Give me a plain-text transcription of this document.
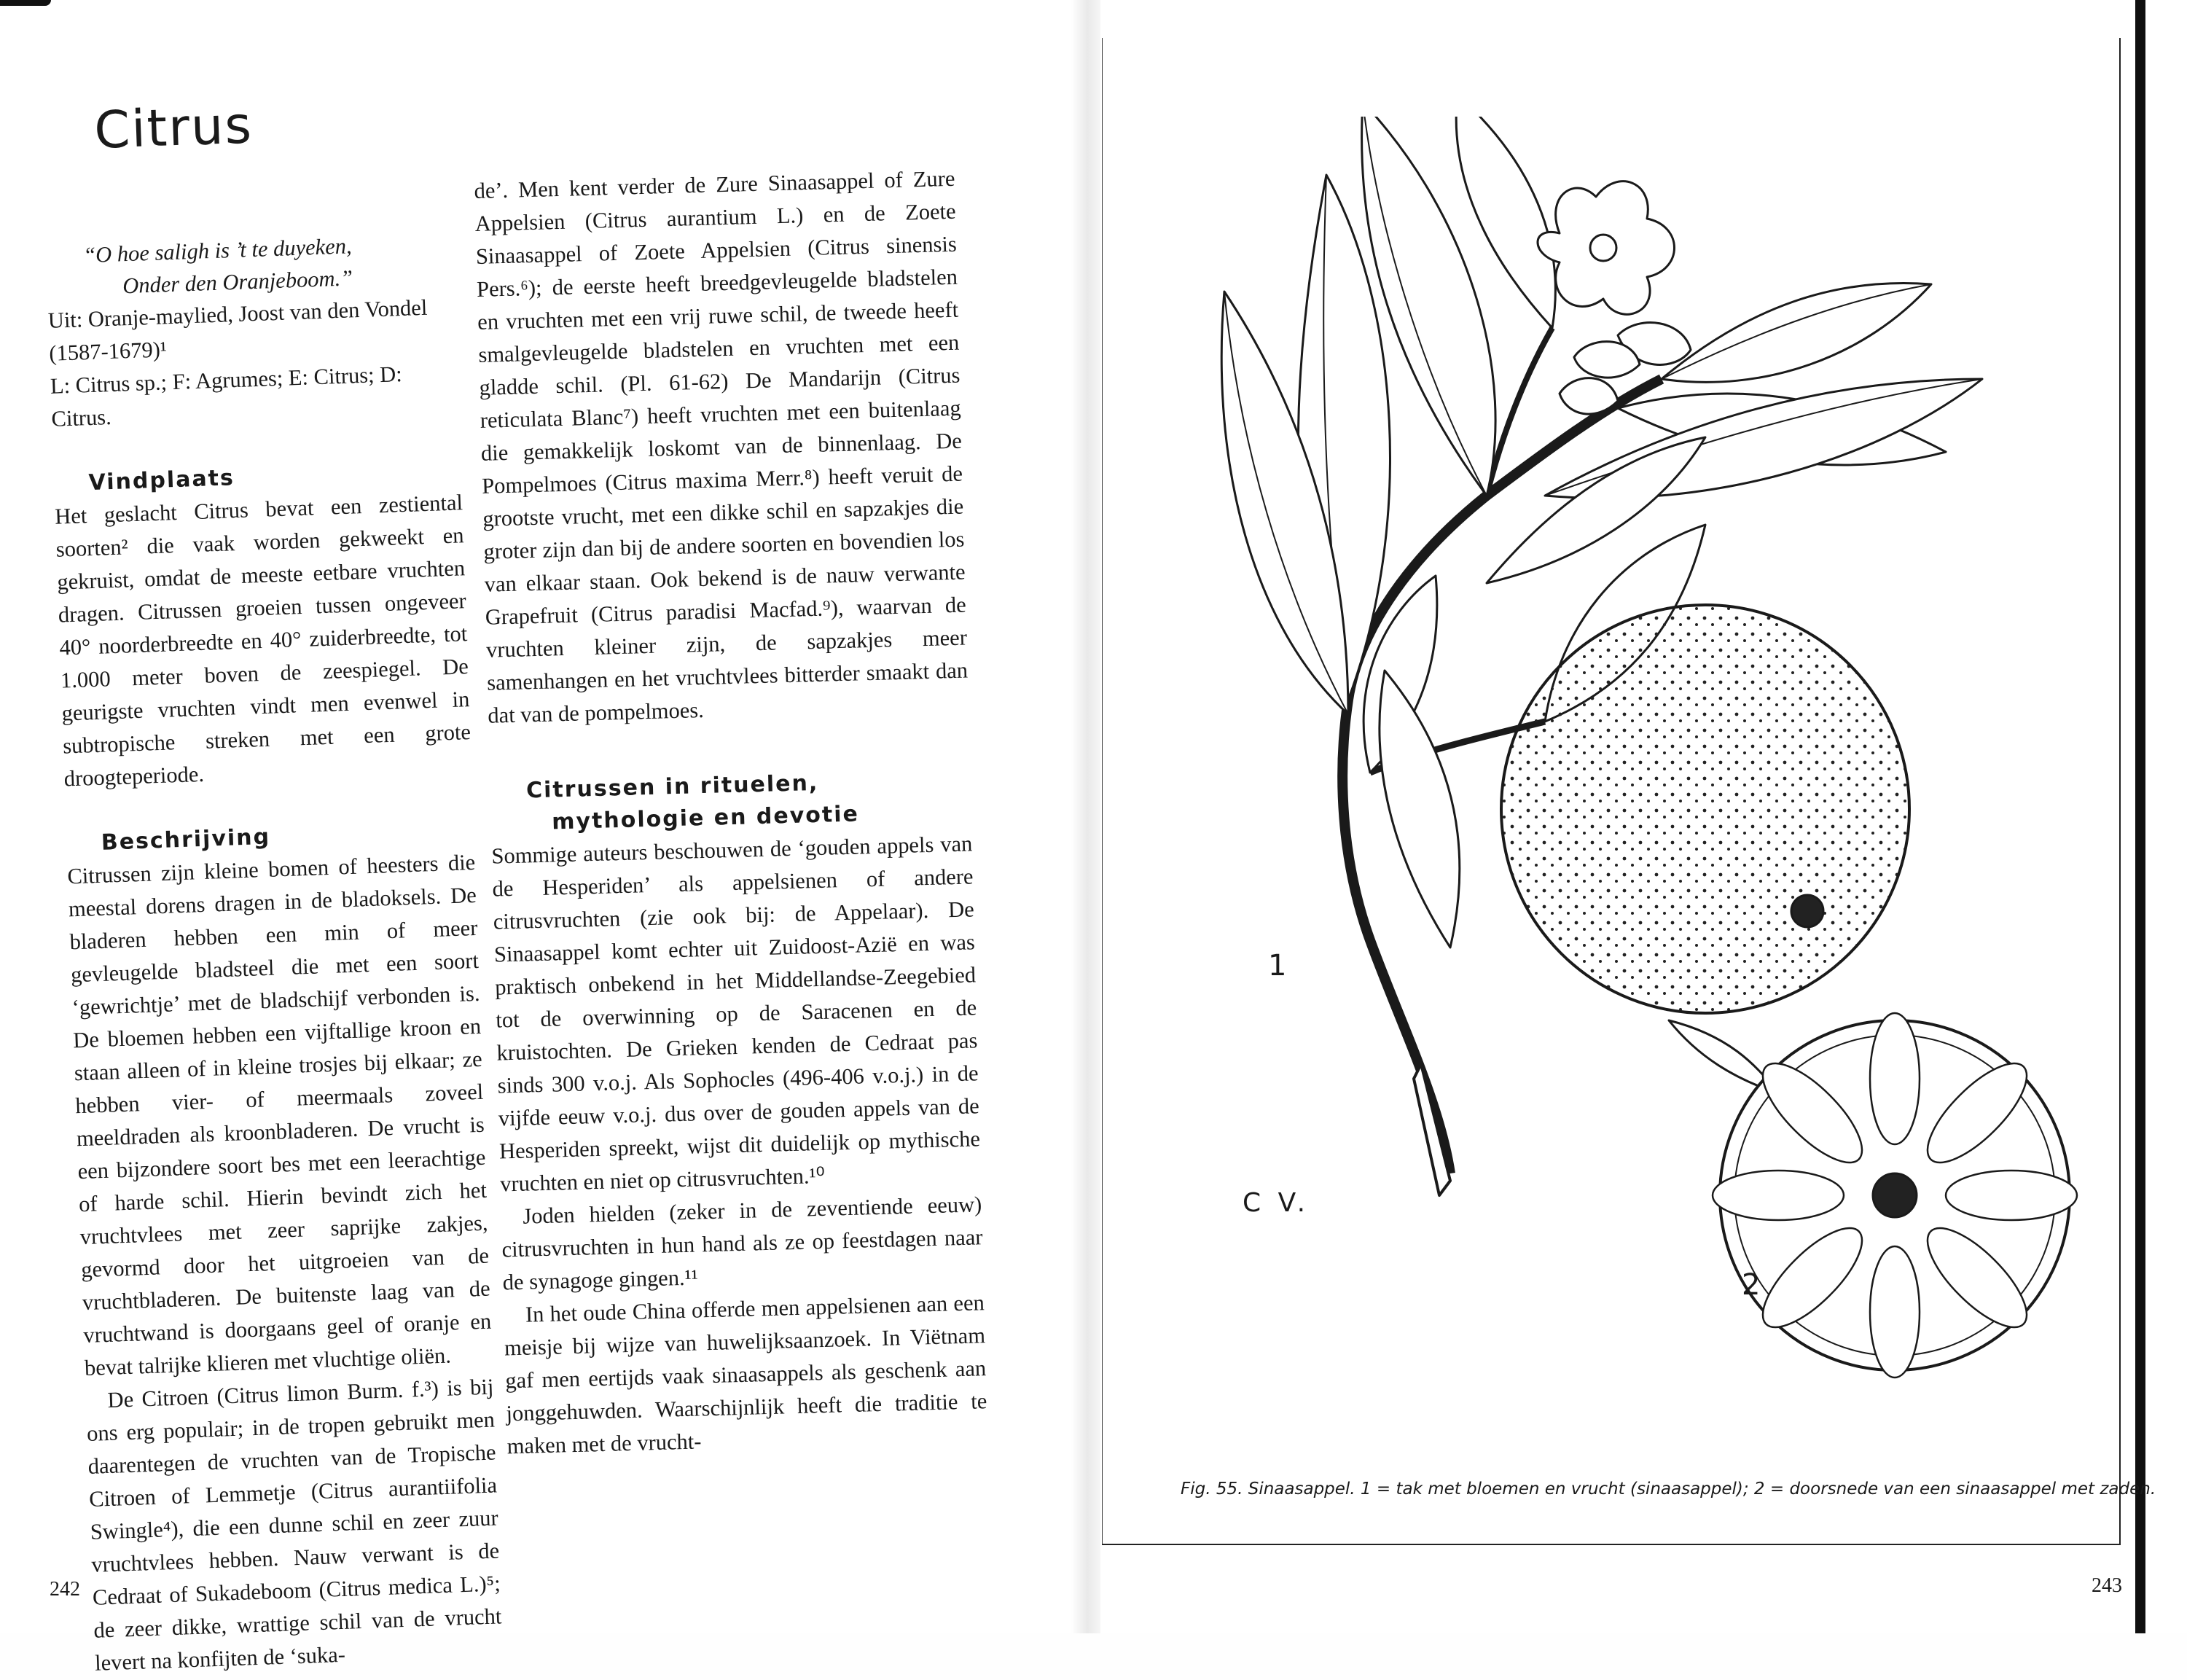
Citrus

“O hoe saligh is ’t te duyeken,

Onder den Oranjeboom.”

Uit: Oranje-maylied, Joost van den Vondel (1587-1679)¹

L: Citrus sp.; F: Agrumes; E: Citrus; D: Citrus.

Vindplaats

Het geslacht Citrus bevat een zestiental soorten² die vaak worden gekweekt en gekruist, omdat de meeste eetbare vruchten dragen. Citrussen groeien tussen ongeveer 40° noorderbreedte en 40° zuiderbreedte, tot 1.000 meter boven de zeespiegel. De geurigste vruchten vindt men evenwel in subtropische streken met een grote droogteperiode.

Beschrijving

Citrussen zijn kleine bomen of heesters die meestal dorens dragen in de bladoksels. De bladeren hebben een min of meer gevleugelde bladsteel die met een soort ‘gewrichtje’ met de bladschijf verbonden is. De bloemen hebben een vijftallige kroon en staan alleen of in kleine trosjes bij elkaar; ze hebben vier- of meermaals zoveel meeldraden als kroonbladeren. De vrucht is een bijzondere soort bes met een leerachtige of harde schil. Hierin bevindt zich het vruchtvlees met zeer saprijke zakjes, gevormd door het uitgroeien van de vruchtbladeren. De buitenste laag van de vruchtwand is doorgaans geel of oranje en bevat talrijke klieren met vluchtige oliën.

De Citroen (Citrus limon Burm. f.³) is bij ons erg populair; in de tropen gebruikt men daarentegen de vruchten van de Tropische Citroen of Lemmetje (Citrus aurantiifolia Swingle⁴), die een dunne schil en zeer zuur vruchtvlees hebben. Nauw verwant is de Cedraat of Sukadeboom (Citrus medica L.)⁵; de zeer dikke, wrattige schil van de vrucht levert na konfijten de ‘suka-

de’. Men kent verder de Zure Sinaasappel of Zure Appelsien (Citrus aurantium L.) en de Zoete Sinaasappel of Zoete Appelsien (Citrus sinensis Pers.⁶); de eerste heeft breedgevleugelde bladstelen en vruchten met een vrij ruwe schil, de tweede heeft smalgevleugelde bladstelen en vruchten met een gladde schil. (Pl. 61-62) De Mandarijn (Citrus reticulata Blanc⁷) heeft vruchten met een buitenlaag die gemakkelijk loskomt van de binnenlaag. De Pompelmoes (Citrus maxima Merr.⁸) heeft veruit de grootste vrucht, met een dikke schil en sapzakjes die groter zijn dan bij de andere soorten en bovendien los van elkaar staan. Ook bekend is de nauw verwante Grapefruit (Citrus paradisi Macfad.⁹), waarvan de vruchten kleiner zijn, de sapzakjes meer samenhangen en het vruchtvlees bitterder smaakt dan dat van de pompelmoes.

Citrussen in rituelen,
mythologie en devotie

Sommige auteurs beschouwen de ‘gouden appels van de Hesperiden’ als appelsienen of andere citrusvruchten (zie ook bij: de Appelaar). De Sinaasappel komt echter uit Zuidoost-Azië en was praktisch onbekend in het Middellandse-Zeegebied tot de overwinning op de Saracenen en de kruistochten. De Grieken kenden de Cedraat pas sinds 300 v.o.j. Als Sophocles (496-406 v.o.j.) in de vijfde eeuw v.o.j. dus over de gouden appels van de Hesperiden spreekt, wijst dit duidelijk op mythische vruchten en niet op citrusvruchten.¹⁰

Joden hielden (zeker in de zeventiende eeuw) citrusvruchten in hun hand als ze op feestdagen naar de synagoge gingen.¹¹

In het oude China offerde men appelsienen aan een meisje bij wijze van huwelijksaanzoek. In Viëtnam gaf men eertijds vaak sinaasappels als geschenk aan jonggehuwden. Waarschijnlijk heeft die traditie te maken met de vrucht-

242
1
2
C V.
Fig. 55. Sinaasappel. 1 = tak met bloemen en vrucht (sinaasappel); 2 = doorsnede van een sinaasappel met zaden.
243
